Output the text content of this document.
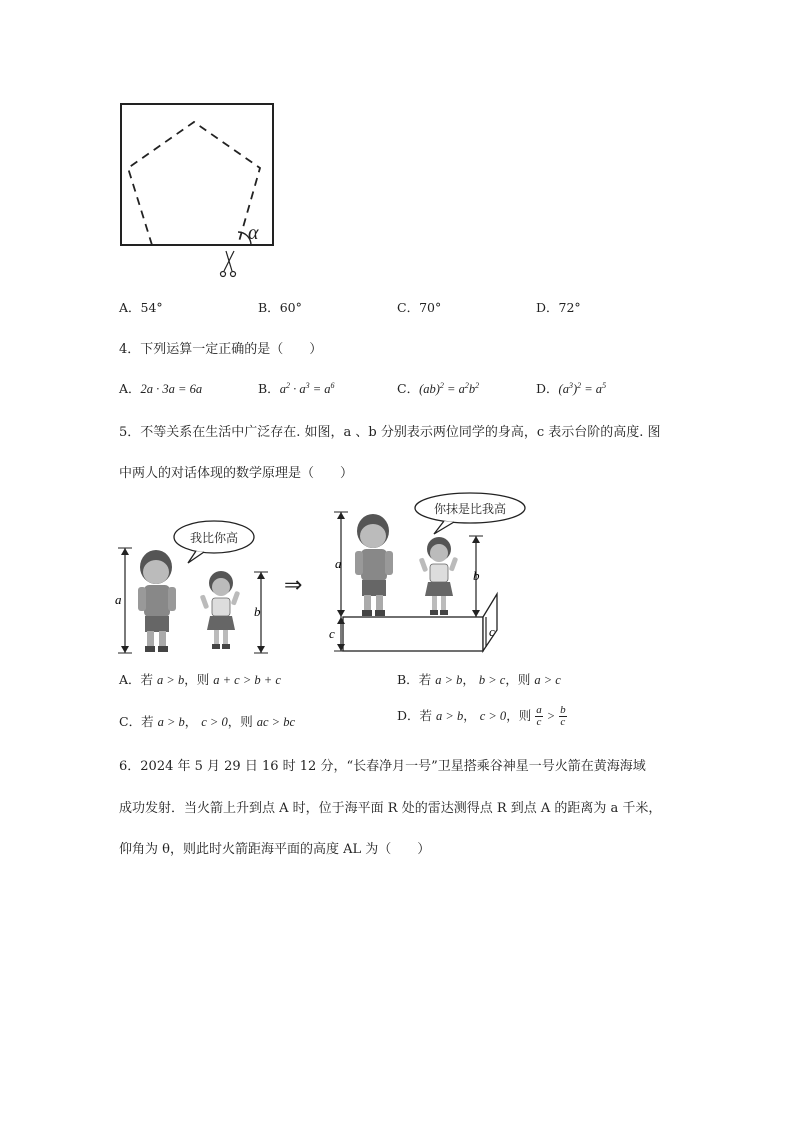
α
A．54°	B．60°	C．70°	D．72°
4．下列运算一定正确的是（　　）
A．2a · 3a = 6a	B．$a^2 \cdot a^3 = a^6$	C．$(ab)^2 = a^2b^2$	D．$(a^3)^2 = a^5$
5．不等关系在生活中广泛存在. 如图，a 、b 分别表示两位同学的身高，c 表示台阶的高度. 图
中两人的对话体现的数学原理是（　　）
我比你高
a
b
⇒
你抹是比我高
a
c
b
c
A．若 a > b，则 a + c > b + c	B．若 a > b， b > c，则 a > c
C．若 a > b， c > 0，则 ac > bc	D．若 a > b， c > 0，则 $\frac{a}{c} > \frac{b}{c}$
6．2024 年 5 月 29 日 16 时 12 分，“长春净月一号”卫星搭乘谷神星一号火箭在黄海海域
成功发射．当火箭上升到点 A 时，位于海平面 R 处的雷达测得点 R 到点 A 的距离为 a 千米，
仰角为 θ，则此时火箭距海平面的高度 AL 为（　　）
